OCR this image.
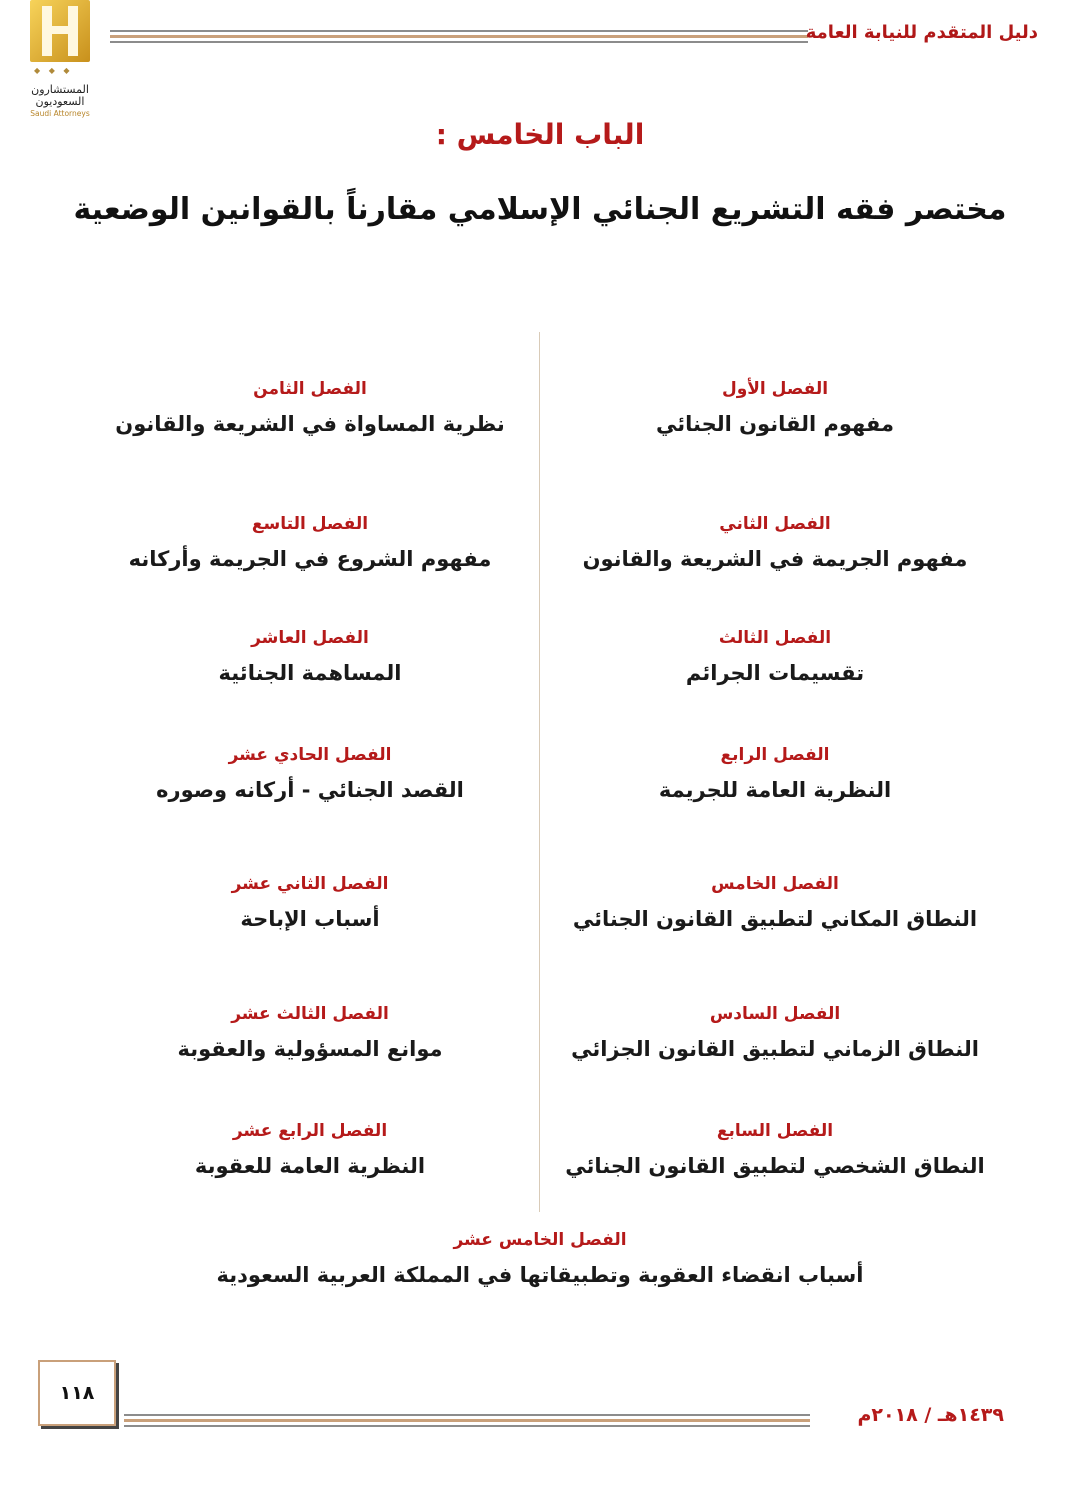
◆ ◆ ◆
المستشارون
السعوديون
Saudi Attorneys
دليل المتقدم للنيابة العامة
الباب الخامس :
مختصر فقه التشريع الجنائي الإسلامي مقارناً بالقوانين الوضعية
الفصل الأول
مفهوم القانون الجنائي
الفصل الثاني
مفهوم الجريمة في الشريعة والقانون
الفصل الثالث
تقسيمات الجرائم
الفصل الرابع
النظرية العامة للجريمة
الفصل الخامس
النطاق المكاني لتطبيق القانون الجنائي
الفصل السادس
النطاق الزماني لتطبيق القانون الجزائي
الفصل السابع
النطاق الشخصي لتطبيق القانون الجنائي
الفصل الثامن
نظرية المساواة في الشريعة والقانون
الفصل التاسع
مفهوم الشروع في الجريمة وأركانه
الفصل العاشر
المساهمة الجنائية
الفصل الحادي عشر
القصد الجنائي - أركانه وصوره
الفصل الثاني عشر
أسباب الإباحة
الفصل الثالث عشر
موانع المسؤولية والعقوبة
الفصل الرابع عشر
النظرية العامة للعقوبة
الفصل الخامس عشر
أسباب انقضاء العقوبة وتطبيقاتها في المملكة العربية السعودية
١١٨
١٤٣٩هـ / ٢٠١٨م
